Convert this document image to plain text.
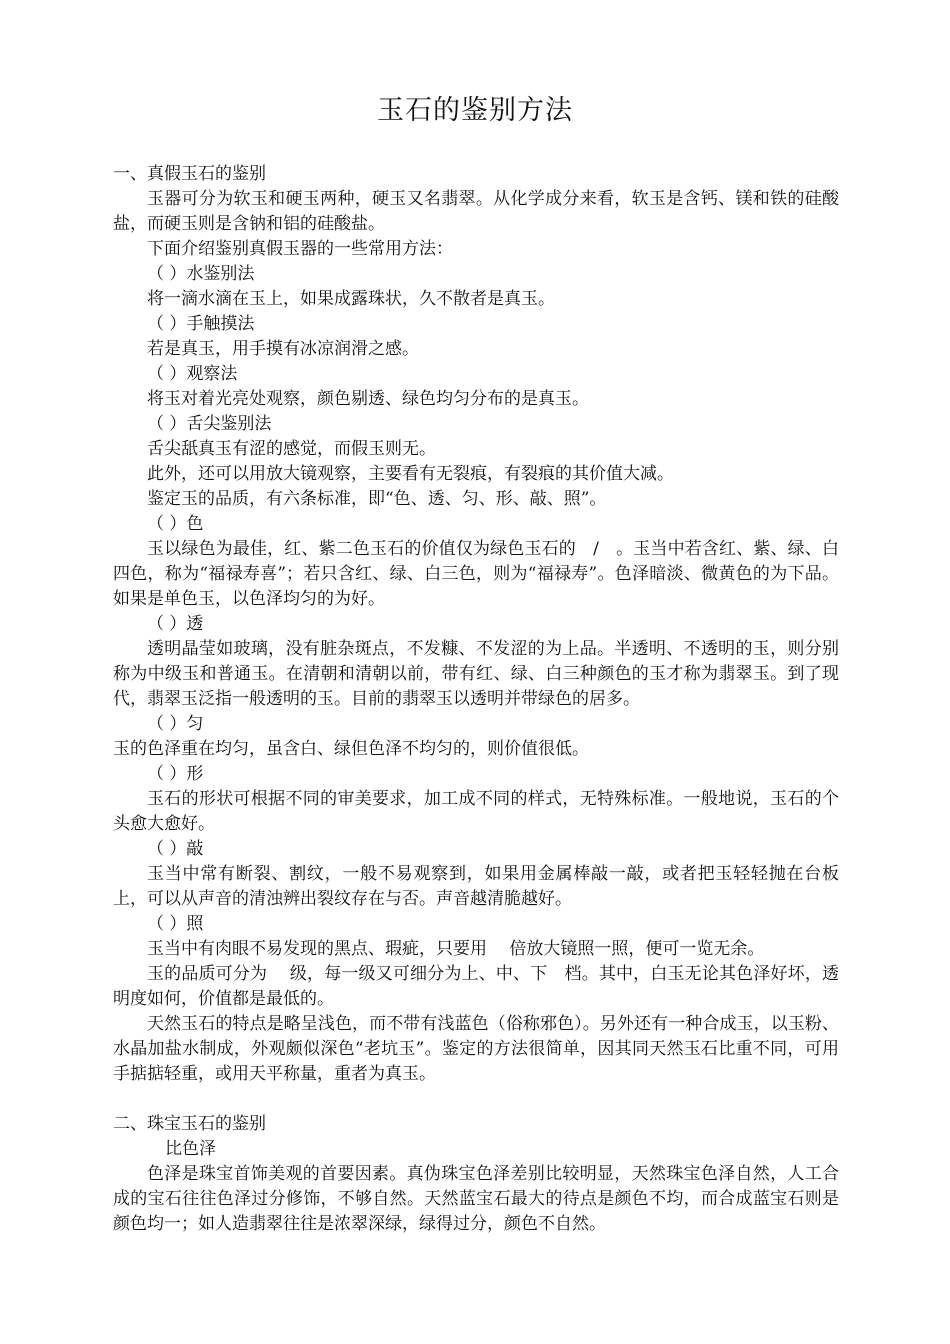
玉石的鉴别方法

一、真假玉石的鉴别

玉器可分为软玉和硬玉两种，硬玉又名翡翠。从化学成分来看，软玉是含钙、镁和铁的硅酸盐，而硬玉则是含钠和铝的硅酸盐。

下面介绍鉴别真假玉器的一些常用方法：

（ ）水鉴别法

将一滴水滴在玉上，如果成露珠状，久不散者是真玉。

（ ）手触摸法

若是真玉，用手摸有冰凉润滑之感。

（ ）观察法

将玉对着光亮处观察，颜色剔透、绿色均匀分布的是真玉。

（ ）舌尖鉴别法

舌尖舐真玉有涩的感觉，而假玉则无。

此外，还可以用放大镜观察，主要看有无裂痕，有裂痕的其价值大减。

鉴定玉的品质，有六条标准，即“色、透、匀、形、敲、照”。

（ ）色

玉以绿色为最佳，红、紫二色玉石的价值仅为绿色玉石的　/　。玉当中若含红、紫、绿、白四色，称为“福禄寿喜”；若只含红、绿、白三色，则为“福禄寿”。色泽暗淡、微黄色的为下品。如果是单色玉，以色泽均匀的为好。

（ ）透

透明晶莹如玻璃，没有脏杂斑点，不发糠、不发涩的为上品。半透明、不透明的玉，则分别称为中级玉和普通玉。在清朝和清朝以前，带有红、绿、白三种颜色的玉才称为翡翠玉。到了现代，翡翠玉泛指一般透明的玉。目前的翡翠玉以透明并带绿色的居多。

（ ）匀

玉的色泽重在均匀，虽含白、绿但色泽不均匀的，则价值很低。

（ ）形

玉石的形状可根据不同的审美要求，加工成不同的样式，无特殊标准。一般地说，玉石的个头愈大愈好。

（ ）敲

玉当中常有断裂、割纹，一般不易观察到，如果用金属棒敲一敲，或者把玉轻轻抛在台板上，可以从声音的清浊辨出裂纹存在与否。声音越清脆越好。

（ ）照

玉当中有肉眼不易发现的黑点、瑕疵，只要用　 倍放大镜照一照，便可一览无余。

玉的品质可分为　 级，每一级又可细分为上、中、下　档。其中，白玉无论其色泽好坏，透明度如何，价值都是最低的。

天然玉石的特点是略呈浅色，而不带有浅蓝色（俗称邪色）。另外还有一种合成玉，以玉粉、水晶加盐水制成，外观颇似深色“老坑玉”。鉴定的方法很简单，因其同天然玉石比重不同，可用手掂掂轻重，或用天平称量，重者为真玉。

二、珠宝玉石的鉴别

比色泽

色泽是珠宝首饰美观的首要因素。真伪珠宝色泽差别比较明显，天然珠宝色泽自然，人工合成的宝石往往色泽过分修饰，不够自然。天然蓝宝石最大的待点是颜色不均，而合成蓝宝石则是颜色均一；如人造翡翠往往是浓翠深绿，绿得过分，颜色不自然。
